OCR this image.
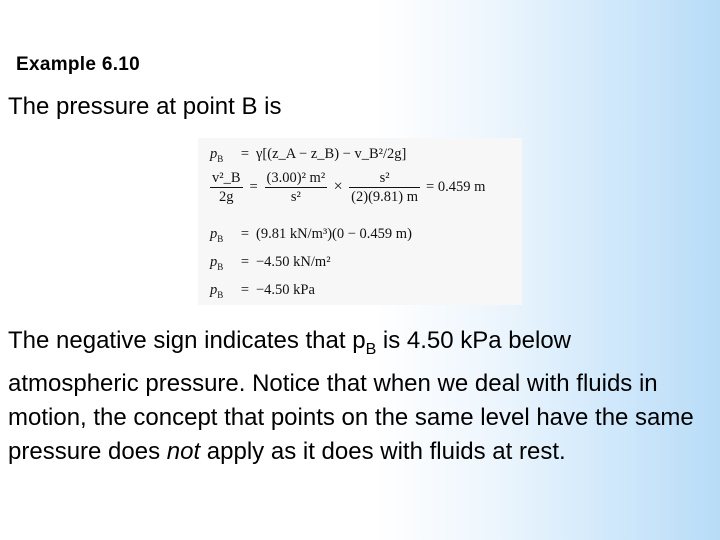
Example 6.10
The pressure at point B is
$p_B$ = γ[(z_A − z_B) − v_B²/2g]
$\frac{\text{v²\_B}}{2g} = \frac{\text{(3.00)² m²}}{\text{s²}} \times \frac{\text{s²}}{(2)(9.81) m} = 0.459$ m
$p_B = (9.81$ kN/m³)(0 − 0.459 m)
$p_B = -4.50$ kN/m²
$p_B = -4.50$ kPa
The negative sign indicates that $p_B$ is 4.50 kPa below atmospheric pressure. Notice that when we deal with fluids in motion, the concept that points on the same level have the same pressure does not apply as it does with fluids at rest.
